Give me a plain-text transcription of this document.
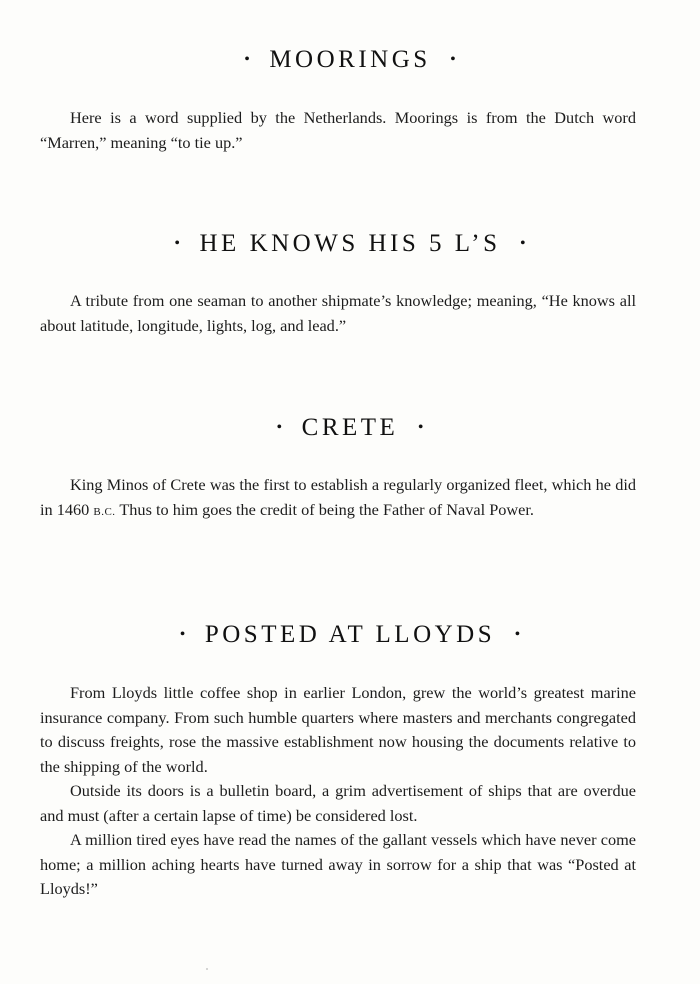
• MOORINGS •

Here is a word supplied by the Netherlands. Moorings is from the Dutch word “Marren,” meaning “to tie up.”

• HE KNOWS HIS 5 L’S •

A tribute from one seaman to another shipmate’s knowledge; meaning, “He knows all about latitude, longitude, lights, log, and lead.”

• CRETE •

King Minos of Crete was the first to establish a regularly organized fleet, which he did in 1460 B.C. Thus to him goes the credit of being the Father of Naval Power.

• POSTED AT LLOYDS •

From Lloyds little coffee shop in earlier London, grew the world’s greatest marine insurance company. From such humble quarters where masters and merchants congregated to discuss freights, rose the massive establishment now housing the documents relative to the shipping of the world.

Outside its doors is a bulletin board, a grim advertisement of ships that are overdue and must (after a certain lapse of time) be considered lost.

A million tired eyes have read the names of the gallant vessels which have never come home; a million aching hearts have turned away in sorrow for a ship that was “Posted at Lloyds!”
